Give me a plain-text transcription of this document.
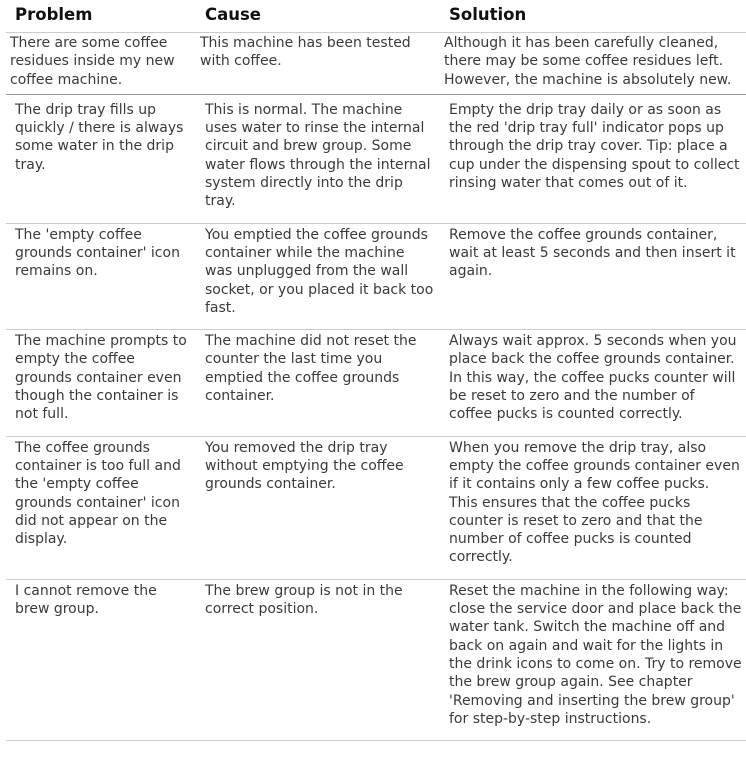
Problem	Cause	Solution
There are some coffee residues inside my new coffee machine.	This machine has been tested with coffee.	Although it has been carefully cleaned, there may be some coffee residues left. However, the machine is absolutely new.
The drip tray fills up quickly / there is always some water in the drip tray.	This is normal. The machine uses water to rinse the internal circuit and brew group. Some water flows through the internal system directly into the drip tray.	Empty the drip tray daily or as soon as the red 'drip tray full' indicator pops up through the drip tray cover. Tip: place a cup under the dispensing spout to collect rinsing water that comes out of it.
The 'empty coffee grounds container' icon remains on.	You emptied the coffee grounds container while the machine was unplugged from the wall socket, or you placed it back too fast.	Remove the coffee grounds container, wait at least 5 seconds and then insert it again.
The machine prompts to empty the coffee grounds container even though the container is not full.	The machine did not reset the counter the last time you emptied the coffee grounds container.	Always wait approx. 5 seconds when you place back the coffee grounds container. In this way, the coffee pucks counter will be reset to zero and the number of coffee pucks is counted correctly.
The coffee grounds container is too full and the 'empty coffee grounds container' icon did not appear on the display.	You removed the drip tray without emptying the coffee grounds container.	When you remove the drip tray, also empty the coffee grounds container even if it contains only a few coffee pucks. This ensures that the coffee pucks counter is reset to zero and that the number of coffee pucks is counted correctly.
I cannot remove the brew group.	The brew group is not in the correct position.	Reset the machine in the following way: close the service door and place back the water tank. Switch the machine off and back on again and wait for the lights in the drink icons to come on. Try to remove the brew group again. See chapter 'Removing and inserting the brew group' for step-by-step instructions.
